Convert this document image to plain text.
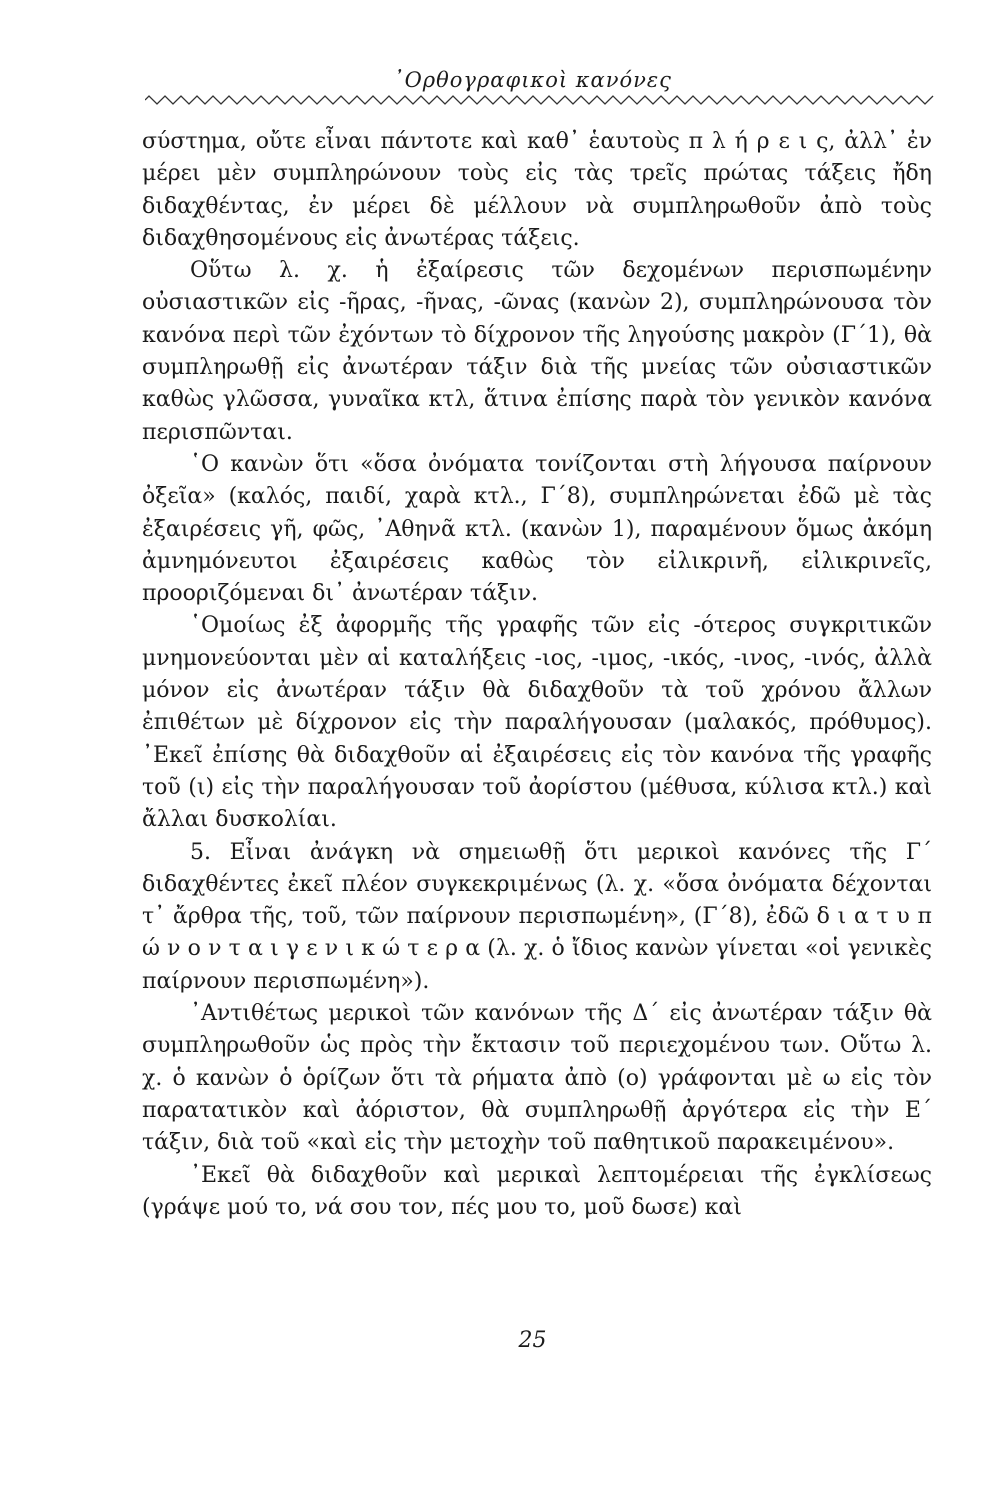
᾿Ορθογραφικοὶ κανόνες

σύστημα, οὔτε εἶναι πάντοτε καὶ καθ᾿ ἑαυτοὺς π λ ή ρ ε ι ς, ἀλλ᾿ ἐν μέρει μὲν συμπληρώνουν τοὺς εἰς τὰς τρεῖς πρώτας τάξεις ἤδη διδαχθέντας, ἐν μέρει δὲ μέλλουν νὰ συμπληρωθοῦν ἀπὸ τοὺς διδαχθησομένους εἰς ἀνωτέρας τάξεις.

Οὕτω λ. χ. ἡ ἐξαίρεσις τῶν δεχομένων περισπωμένην οὐσιαστικῶν εἰς -ῆρας, -ῆνας, -ῶνας (κανὼν 2), συμπληρώνουσα τὸν κανόνα περὶ τῶν ἐχόντων τὸ δίχρονον τῆς ληγούσης μακρὸν (Γ΄1), θὰ συμπληρωθῇ εἰς ἀνωτέραν τάξιν διὰ τῆς μνείας τῶν οὐσιαστικῶν καθὼς γλῶσσα, γυναῖκα κτλ, ἅτινα ἐπίσης παρὰ τὸν γενικὸν κανόνα περισπῶνται.

῾Ο κανὼν ὅτι «ὅσα ὀνόματα τονίζονται στὴ λήγουσα παίρνουν ὀξεῖα» (καλός, παιδί, χαρὰ κτλ., Γ΄8), συμπληρώνεται ἐδῶ μὲ τὰς ἐξαιρέσεις γῆ, φῶς, ᾿Αθηνᾶ κτλ. (κανὼν 1), παραμένουν ὅμως ἀκόμη ἀμνημόνευτοι ἐξαιρέσεις καθὼς τὸν εἰλικρινῆ, εἰλικρινεῖς, προοριζόμεναι δι᾿ ἀνωτέραν τάξιν.

῾Ομοίως ἐξ ἀφορμῆς τῆς γραφῆς τῶν εἰς -ότερος συγκριτικῶν μνημονεύονται μὲν αἱ καταλήξεις -ιος, -ιμος, -ικός, -ινος, -ινός, ἀλλὰ μόνον εἰς ἀνωτέραν τάξιν θὰ διδαχθοῦν τὰ τοῦ χρόνου ἄλλων ἐπιθέτων μὲ δίχρονον εἰς τὴν παραλήγουσαν (μαλακός, πρόθυμος). ᾿Εκεῖ ἐπίσης θὰ διδαχθοῦν αἱ ἐξαιρέσεις εἰς τὸν κανόνα τῆς γραφῆς τοῦ (ι) εἰς τὴν παραλήγουσαν τοῦ ἀορίστου (μέθυσα, κύλισα κτλ.) καὶ ἄλλαι δυσκολίαι.

5. Εἶναι ἀνάγκη νὰ σημειωθῇ ὅτι μερικοὶ κανόνες τῆς Γ΄ διδαχθέντες ἐκεῖ πλέον συγκεκριμένως (λ. χ. «ὅσα ὀνόματα δέχονται τ᾿ ἄρθρα τῆς, τοῦ, τῶν παίρνουν περισπωμένη», (Γ΄8), ἐδῶ δ ι α τ υ π ώ ν ο ν τ α ι γ ε ν ι κ ώ τ ε ρ α (λ. χ. ὁ ἴδιος κανὼν γίνεται «οἱ γενικὲς παίρνουν περισπωμένη»).

᾿Αντιθέτως μερικοὶ τῶν κανόνων τῆς Δ΄ εἰς ἀνωτέραν τάξιν θὰ συμπληρωθοῦν ὡς πρὸς τὴν ἔκτασιν τοῦ περιεχομένου των. Οὕτω λ. χ. ὁ κανὼν ὁ ὁρίζων ὅτι τὰ ρήματα ἀπὸ (ο) γράφονται μὲ ω εἰς τὸν παρατατικὸν καὶ ἀόριστον, θὰ συμπληρωθῇ ἀργότερα εἰς τὴν Ε΄ τάξιν, διὰ τοῦ «καὶ εἰς τὴν μετοχὴν τοῦ παθητικοῦ παρακειμένου».

᾿Εκεῖ θὰ διδαχθοῦν καὶ μερικαὶ λεπτομέρειαι τῆς ἐγκλίσεως (γράψε μού το, νά σου τον, πές μου το, μοῦ δωσε) καὶ

25
